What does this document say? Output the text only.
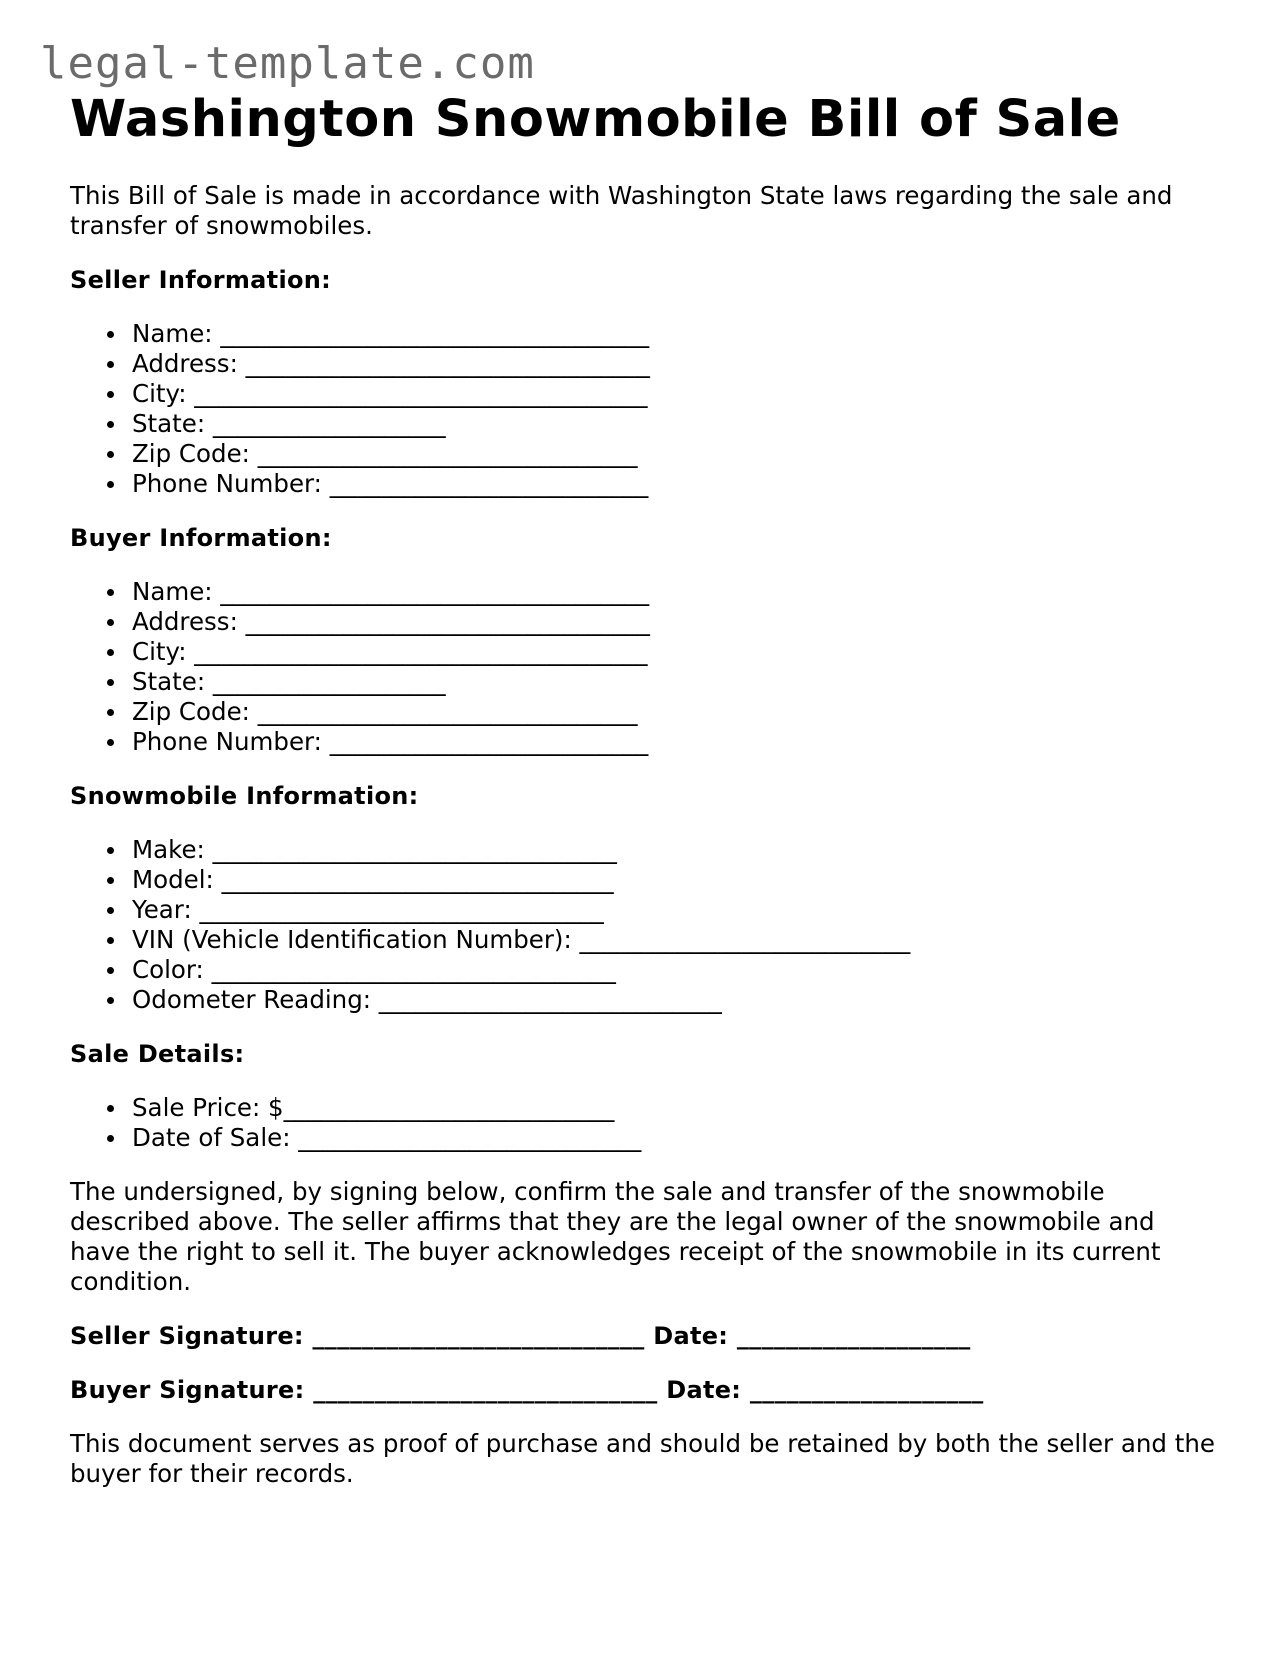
legal-template.com
Washington Snowmobile Bill of Sale

This Bill of Sale is made in accordance with Washington State laws regarding the sale and transfer of snowmobiles.

Seller Information:
Name: ___________________________________
Address: _________________________________
City: _____________________________________
State: ___________________
Zip Code: _______________________________
Phone Number: __________________________
Buyer Information:
Name: ___________________________________
Address: _________________________________
City: _____________________________________
State: ___________________
Zip Code: _______________________________
Phone Number: __________________________
Snowmobile Information:
Make: _________________________________
Model: ________________________________
Year: _________________________________
VIN (Vehicle Identification Number): ___________________________
Color: _________________________________
Odometer Reading: ____________________________
Sale Details:
Sale Price: $___________________________
Date of Sale: ____________________________

The undersigned, by signing below, confirm the sale and transfer of the snowmobile described above. The seller affirms that they are the legal owner of the snowmobile and have the right to sell it. The buyer acknowledges receipt of the snowmobile in its current condition.

Seller Signature: ___________________________ Date: ___________________
Buyer Signature: ____________________________ Date: ___________________

This document serves as proof of purchase and should be retained by both the seller and the buyer for their records.
